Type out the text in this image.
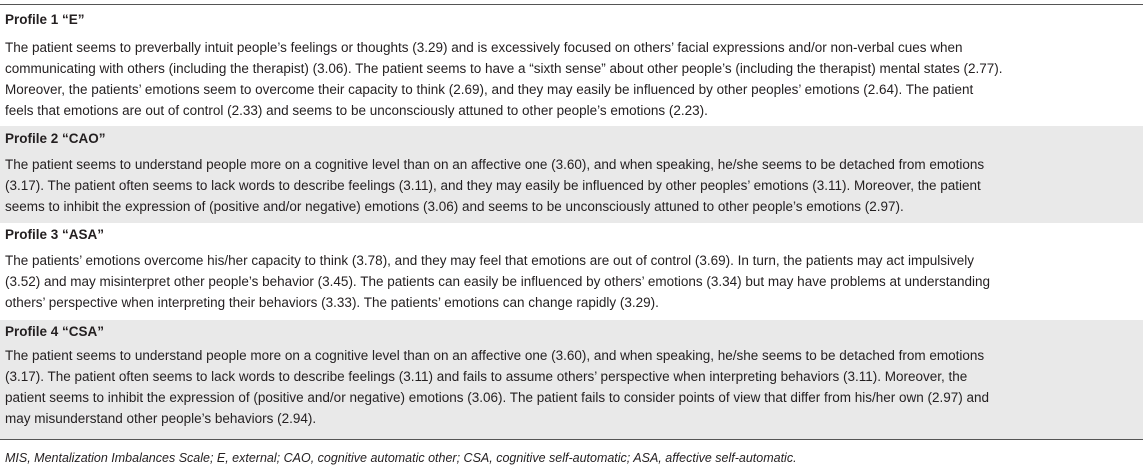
Profile 1 “E”
The patient seems to preverbally intuit people’s feelings or thoughts (3.29) and is excessively focused on others’ facial expressions and/or non-verbal cues when
communicating with others (including the therapist) (3.06). The patient seems to have a “sixth sense” about other people’s (including the therapist) mental states (2.77).
Moreover, the patients’ emotions seem to overcome their capacity to think (2.69), and they may easily be influenced by other peoples’ emotions (2.64). The patient
feels that emotions are out of control (2.33) and seems to be unconsciously attuned to other people’s emotions (2.23).
Profile 2 “CAO”
The patient seems to understand people more on a cognitive level than on an affective one (3.60), and when speaking, he/she seems to be detached from emotions
(3.17). The patient often seems to lack words to describe feelings (3.11), and they may easily be influenced by other peoples’ emotions (3.11). Moreover, the patient
seems to inhibit the expression of (positive and/or negative) emotions (3.06) and seems to be unconsciously attuned to other people’s emotions (2.97).
Profile 3 “ASA”
The patients’ emotions overcome his/her capacity to think (3.78), and they may feel that emotions are out of control (3.69). In turn, the patients may act impulsively
(3.52) and may misinterpret other people’s behavior (3.45). The patients can easily be influenced by others’ emotions (3.34) but may have problems at understanding
others’ perspective when interpreting their behaviors (3.33). The patients’ emotions can change rapidly (3.29).
Profile 4 “CSA”
The patient seems to understand people more on a cognitive level than on an affective one (3.60), and when speaking, he/she seems to be detached from emotions
(3.17). The patient often seems to lack words to describe feelings (3.11) and fails to assume others’ perspective when interpreting behaviors (3.11). Moreover, the
patient seems to inhibit the expression of (positive and/or negative) emotions (3.06). The patient fails to consider points of view that differ from his/her own (2.97) and
may misunderstand other people’s behaviors (2.94).
MIS, Mentalization Imbalances Scale; E, external; CAO, cognitive automatic other; CSA, cognitive self-automatic; ASA, affective self-automatic.
